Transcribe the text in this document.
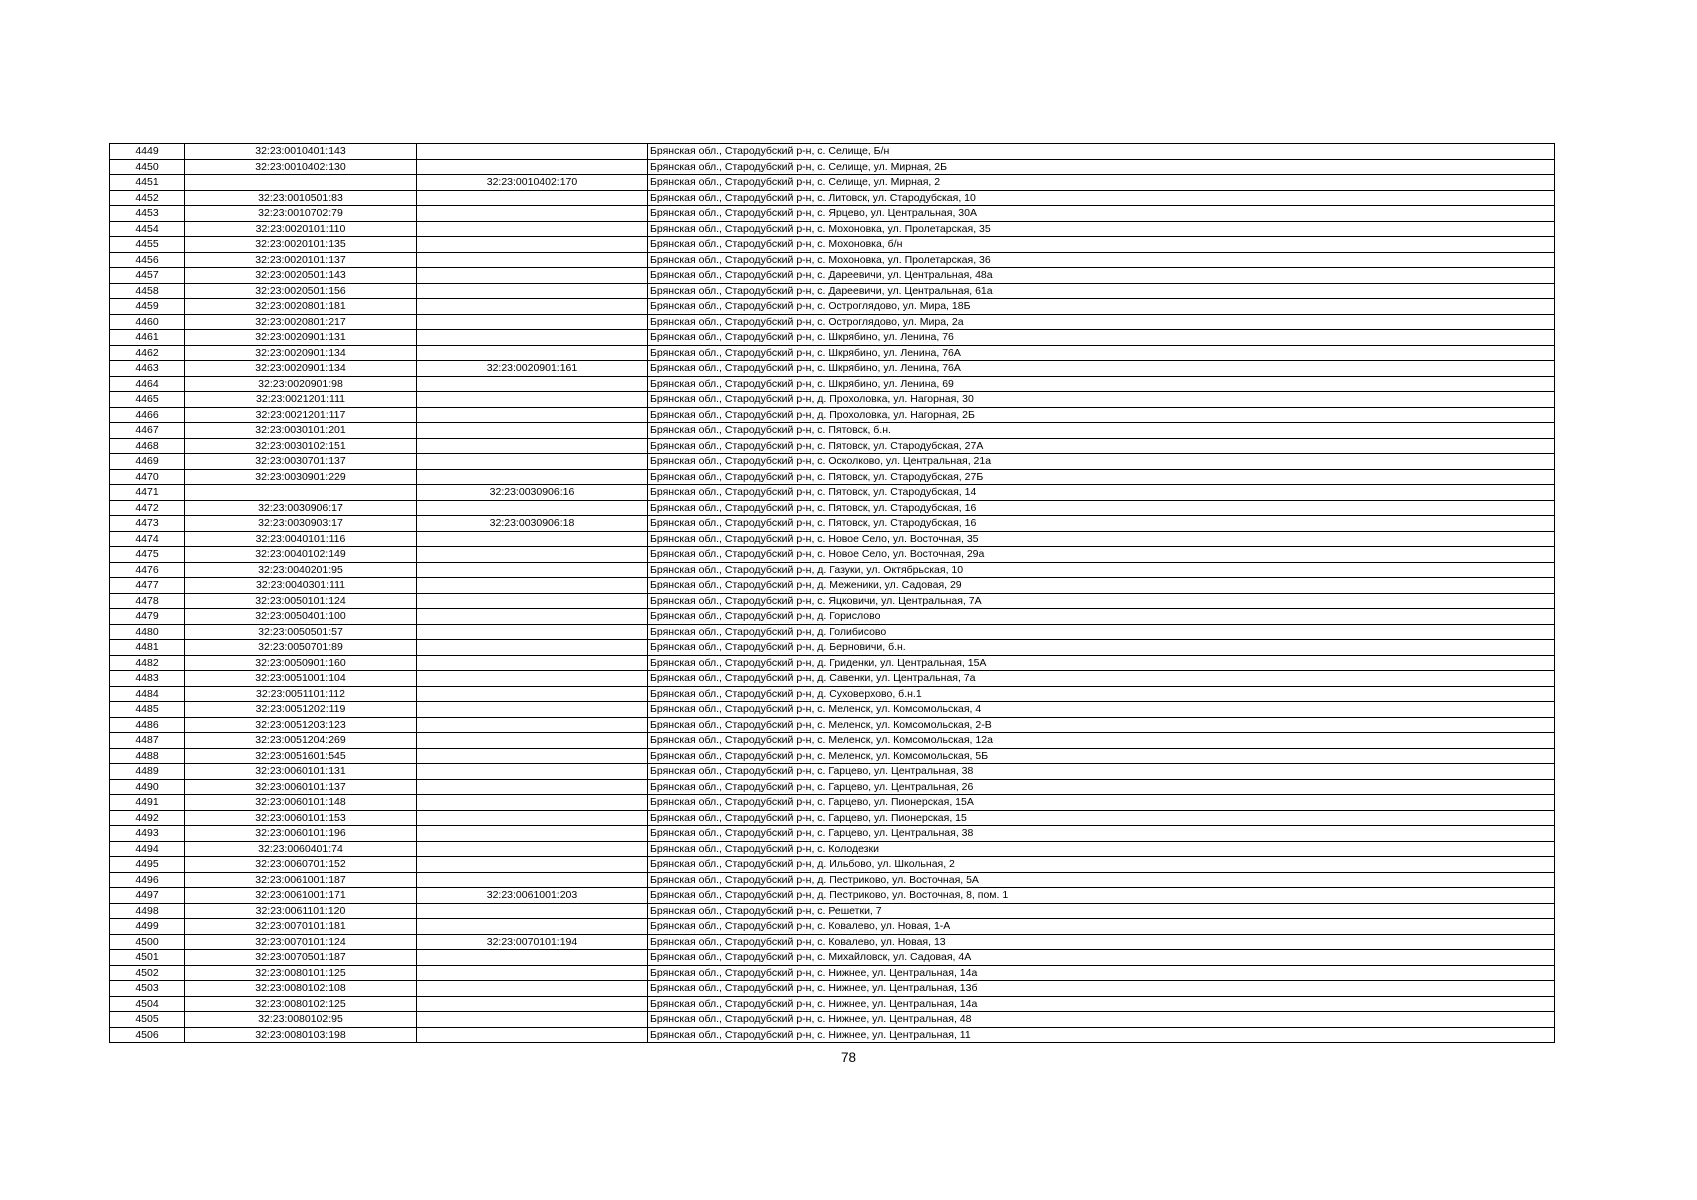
4449	32:23:0010401:143		Брянская обл., Стародубский р-н, с. Селище, Б/н
4450	32:23:0010402:130		Брянская обл., Стародубский р-н, с. Селище, ул. Мирная, 2Б
4451		32:23:0010402:170	Брянская обл., Стародубский р-н, с. Селище, ул. Мирная, 2
4452	32:23:0010501:83		Брянская обл., Стародубский р-н, с. Литовск, ул. Стародубская, 10
4453	32:23:0010702:79		Брянская обл., Стародубский р-н, с. Ярцево, ул. Центральная, 30А
4454	32:23:0020101:110		Брянская обл., Стародубский р-н, с. Мохоновка, ул. Пролетарская, 35
4455	32:23:0020101:135		Брянская обл., Стародубский р-н, с. Мохоновка, б/н
4456	32:23:0020101:137		Брянская обл., Стародубский р-н, с. Мохоновка, ул. Пролетарская, 36
4457	32:23:0020501:143		Брянская обл., Стародубский р-н, с. Дареевичи, ул. Центральная, 48а
4458	32:23:0020501:156		Брянская обл., Стародубский р-н, с. Дареевичи, ул. Центральная, 61а
4459	32:23:0020801:181		Брянская обл., Стародубский р-н, с. Остроглядово, ул. Мира, 18Б
4460	32:23:0020801:217		Брянская обл., Стародубский р-н, с. Остроглядово, ул. Мира, 2а
4461	32:23:0020901:131		Брянская обл., Стародубский р-н, с. Шкрябино, ул. Ленина, 76
4462	32:23:0020901:134		Брянская обл., Стародубский р-н, с. Шкрябино, ул. Ленина, 76А
4463	32:23:0020901:134	32:23:0020901:161	Брянская обл., Стародубский р-н, с. Шкрябино, ул. Ленина, 76А
4464	32:23:0020901:98		Брянская обл., Стародубский р-н, с. Шкрябино, ул. Ленина, 69
4465	32:23:0021201:111		Брянская обл., Стародубский р-н, д. Прохоловка, ул. Нагорная, 30
4466	32:23:0021201:117		Брянская обл., Стародубский р-н, д. Прохоловка, ул. Нагорная, 2Б
4467	32:23:0030101:201		Брянская обл., Стародубский р-н, с. Пятовск, б.н.
4468	32:23:0030102:151		Брянская обл., Стародубский р-н, с. Пятовск, ул. Стародубская, 27А
4469	32:23:0030701:137		Брянская обл., Стародубский р-н, с. Осколково, ул. Центральная, 21а
4470	32:23:0030901:229		Брянская обл., Стародубский р-н, с. Пятовск, ул. Стародубская, 27Б
4471		32:23:0030906:16	Брянская обл., Стародубский р-н, с. Пятовск, ул. Стародубская, 14
4472	32:23:0030906:17		Брянская обл., Стародубский р-н, с. Пятовск, ул. Стародубская, 16
4473	32:23:0030903:17	32:23:0030906:18	Брянская обл., Стародубский р-н, с. Пятовск, ул. Стародубская, 16
4474	32:23:0040101:116		Брянская обл., Стародубский р-н, с. Новое Село, ул. Восточная, 35
4475	32:23:0040102:149		Брянская обл., Стародубский р-н, с. Новое Село, ул. Восточная, 29а
4476	32:23:0040201:95		Брянская обл., Стародубский р-н, д. Газуки, ул. Октябрьская, 10
4477	32:23:0040301:111		Брянская обл., Стародубский р-н, д. Меженики, ул. Садовая, 29
4478	32:23:0050101:124		Брянская обл., Стародубский р-н, с. Яцковичи, ул. Центральная, 7А
4479	32:23:0050401:100		Брянская обл., Стародубский р-н, д. Горислово
4480	32:23:0050501:57		Брянская обл., Стародубский р-н, д. Голибисово
4481	32:23:0050701:89		Брянская обл., Стародубский р-н, д. Берновичи, б.н.
4482	32:23:0050901:160		Брянская обл., Стародубский р-н, д. Гриденки, ул. Центральная, 15А
4483	32:23:0051001:104		Брянская обл., Стародубский р-н, д. Савенки, ул. Центральная, 7а
4484	32:23:0051101:112		Брянская обл., Стародубский р-н, д. Суховерхово, б.н.1
4485	32:23:0051202:119		Брянская обл., Стародубский р-н, с. Меленск, ул. Комсомольская, 4
4486	32:23:0051203:123		Брянская обл., Стародубский р-н, с. Меленск, ул. Комсомольская, 2-В
4487	32:23:0051204:269		Брянская обл., Стародубский р-н, с. Меленск, ул. Комсомольская, 12а
4488	32:23:0051601:545		Брянская обл., Стародубский р-н, с. Меленск, ул. Комсомольская, 5Б
4489	32:23:0060101:131		Брянская обл., Стародубский р-н, с. Гарцево, ул. Центральная, 38
4490	32:23:0060101:137		Брянская обл., Стародубский р-н, с. Гарцево, ул. Центральная, 26
4491	32:23:0060101:148		Брянская обл., Стародубский р-н, с. Гарцево, ул. Пионерская, 15А
4492	32:23:0060101:153		Брянская обл., Стародубский р-н, с. Гарцево, ул. Пионерская, 15
4493	32:23:0060101:196		Брянская обл., Стародубский р-н, с. Гарцево, ул. Центральная, 38
4494	32:23:0060401:74		Брянская обл., Стародубский р-н, с. Колодезки
4495	32:23:0060701:152		Брянская обл., Стародубский р-н, д. Ильбово, ул. Школьная, 2
4496	32:23:0061001:187		Брянская обл., Стародубский р-н, д. Пестриково, ул. Восточная, 5А
4497	32:23:0061001:171	32:23:0061001:203	Брянская обл., Стародубский р-н, д. Пестриково, ул. Восточная, 8, пом. 1
4498	32:23:0061101:120		Брянская обл., Стародубский р-н, с. Решетки, 7
4499	32:23:0070101:181		Брянская обл., Стародубский р-н, с. Ковалево, ул. Новая, 1-А
4500	32:23:0070101:124	32:23:0070101:194	Брянская обл., Стародубский р-н, с. Ковалево, ул. Новая, 13
4501	32:23:0070501:187		Брянская обл., Стародубский р-н, с. Михайловск, ул. Садовая, 4А
4502	32:23:0080101:125		Брянская обл., Стародубский р-н, с. Нижнее, ул. Центральная, 14а
4503	32:23:0080102:108		Брянская обл., Стародубский р-н, с. Нижнее, ул. Центральная, 13б
4504	32:23:0080102:125		Брянская обл., Стародубский р-н, с. Нижнее, ул. Центральная, 14а
4505	32:23:0080102:95		Брянская обл., Стародубский р-н, с. Нижнее, ул. Центральная, 48
4506	32:23:0080103:198		Брянская обл., Стародубский р-н, с. Нижнее, ул. Центральная, 11
78
